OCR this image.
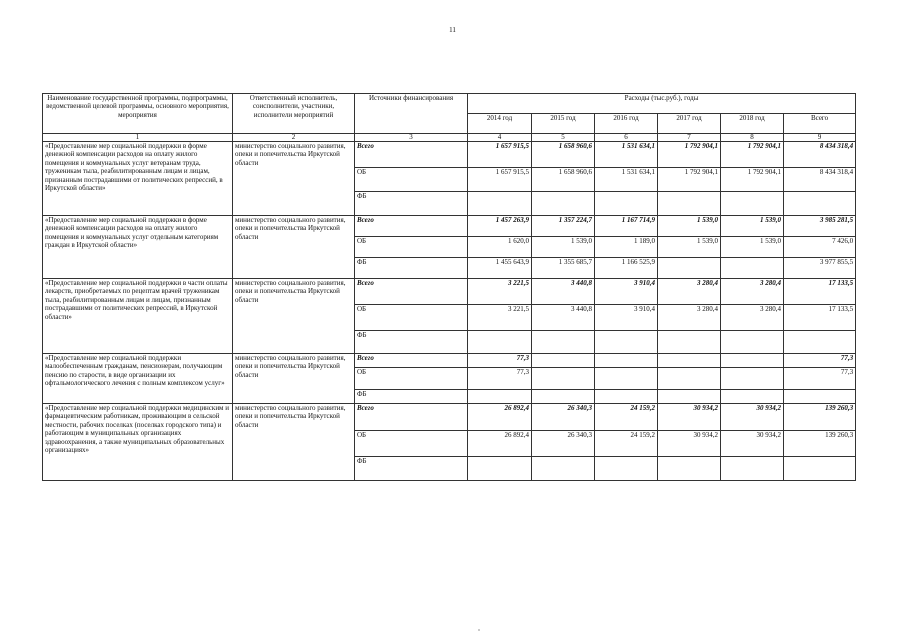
11
Наименование государственной программы, подпрограммы, ведомственной целевой программы, основного мероприятия, мероприятия	Ответственный исполнитель, соисполнители, участники, исполнители мероприятий	Источники финансирования	Расходы (тыс.руб.), годы					
			2014 год	2015 год	2016 год	2017 год	2018 год	Всего
1	2	3	4	5	6	7	8	9
«Предоставление мер социальной поддержки в форме денежной компенсации расходов на оплату жилого помещения и коммунальных услуг ветеранам труда, труженикам тыла, реабилитированным лицам и лицам, признанным пострадавшими от политических репрессий, в Иркутской области»	министерство социального развития, опеки и попечительства Иркутской области	Всего	1 657 915,5	1 658 960,6	1 531 634,1	1 792 904,1	1 792 904,1	8 434 318,4
		ОБ	1 657 915,5	1 658 960,6	1 531 634,1	1 792 904,1	1 792 904,1	8 434 318,4
		ФБ						
«Предоставление мер социальной поддержки в форме денежной компенсации расходов на оплату жилого помещения и коммунальных услуг отдельным категориям граждан в Иркутской области»	министерство социального развития, опеки и попечительства Иркутской области	Всего	1 457 263,9	1 357 224,7	1 167 714,9	1 539,0	1 539,0	3 985 281,5
		ОБ	1 620,0	1 539,0	1 189,0	1 539,0	1 539,0	7 426,0
		ФБ	1 455 643,9	1 355 685,7	1 166 525,9			3 977 855,5
«Предоставление мер социальной поддержки в части оплаты лекарств, приобретаемых по рецептам врачей труженикам тыла, реабилитированным лицам и лицам, признанным пострадавшими от политических репрессий, в Иркутской области»	министерство социального развития, опеки и попечительства Иркутской области	Всего	3 221,5	3 440,8	3 910,4	3 280,4	3 280,4	17 133,5
		ОБ	3 221,5	3 440,8	3 910,4	3 280,4	3 280,4	17 133,5
		ФБ						
«Предоставление мер социальной поддержки малообеспеченным гражданам, пенсионерам, получающим пенсию по старости, в виде организации их офтальмологического лечения с полным комплексом услуг»	министерство социального развития, опеки и попечительства Иркутской области	Всего	77,3					77,3
		ОБ	77,3					77,3
		ФБ						
«Предоставление мер социальной поддержки медицинским и фармацевтическим работникам, проживающим в сельской местности, рабочих поселках (поселках городского типа) и работающим в муниципальных организациях здравоохранения, а также муниципальных образовательных организациях»	министерство социального развития, опеки и попечительства Иркутской области	Всего	26 892,4	26 340,3	24 159,2	30 934,2	30 934,2	139 260,3
		ОБ	26 892,4	26 340,3	24 159,2	30 934,2	30 934,2	139 260,3
		ФБ						
